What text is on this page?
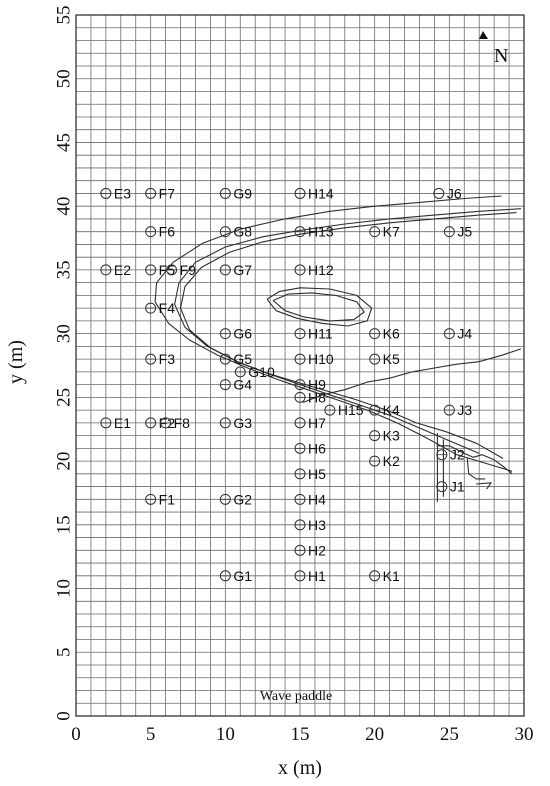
E1
E2
E3
F1
F2
F3
F4
F5
F6
F7
F8
F9
G1
G2
G3
G4
G5
G6
G7
G8
G9
G10
H1
H2
H3
H4
H5
H6
H7
H8
H9
H10
H11
H12
H13
H14
H15
K1
K2
K3
K4
K5
K6
K7
J1
J2
J3
J4
J5
J6
0	5	10	15	20	25	30
0
5
10
15
20
25
30
35
40
45
50
55
x (m)
y (m)
Wave paddle
N
